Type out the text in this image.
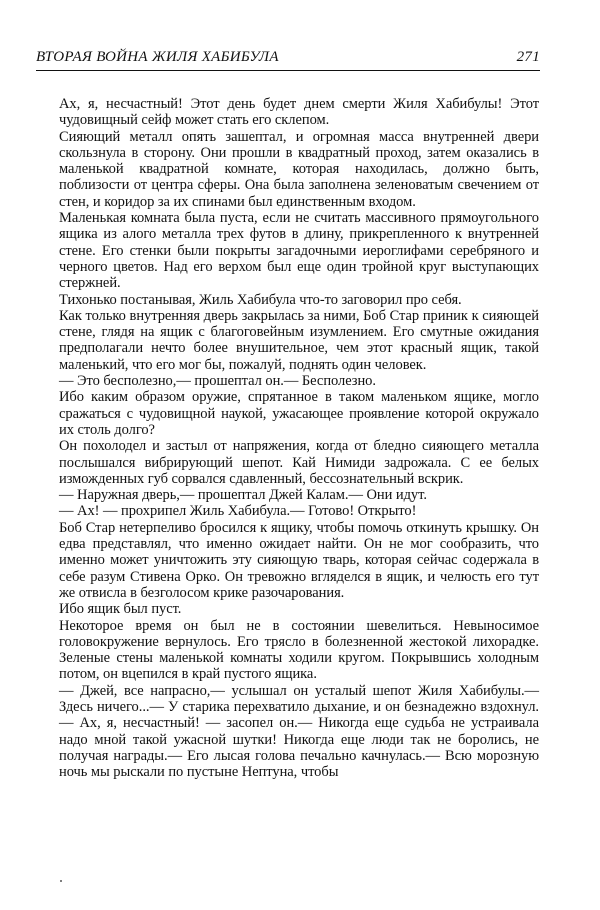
ВТОРАЯ ВОЙНА ЖИЛЯ ХАБИБУЛА	271

Ах, я, несчастный! Этот день будет днем смерти Жиля Хабибулы! Этот чудовищный сейф может стать его склепом.

Сияющий металл опять зашептал, и огромная масса внутренней двери скользнула в сторону. Они прошли в квадратный проход, затем оказались в маленькой квадратной комнате, которая находилась, должно быть, поблизости от центра сферы. Она была заполнена зеленоватым свечением от стен, и коридор за их спинами был единственным входом.

Маленькая комната была пуста, если не считать массивного прямоугольного ящика из алого металла трех футов в длину, прикрепленного к внутренней стене. Его стенки были покрыты загадочными иероглифами серебряного и черного цветов. Над его верхом был еще один тройной круг выступающих стержней.

Тихонько постанывая, Жиль Хабибула что-то заговорил про себя.

Как только внутренняя дверь закрылась за ними, Боб Стар приник к сияющей стене, глядя на ящик с благоговейным изумлением. Его смутные ожидания предполагали нечто более внушительное, чем этот красный ящик, такой маленький, что его мог бы, пожалуй, поднять один человек.

— Это бесполезно,— прошептал он.— Бесполезно.

Ибо каким образом оружие, спрятанное в таком маленьком ящике, могло сражаться с чудовищной наукой, ужасающее проявление которой окружало их столь долго?

Он похолодел и застыл от напряжения, когда от бледно сияющего металла послышался вибрирующий шепот. Кай Нимиди задрожала. С ее белых изможденных губ сорвался сдавленный, бессознательный вскрик.

— Наружная дверь,— прошептал Джей Калам.— Они идут.

— Ах! — прохрипел Жиль Хабибула.— Готово! Открыто!

Боб Стар нетерпеливо бросился к ящику, чтобы помочь откинуть крышку. Он едва представлял, что именно ожидает найти. Он не мог сообразить, что именно может уничтожить эту сияющую тварь, которая сейчас содержала в себе разум Стивена Орко. Он тревожно вгляделся в ящик, и челюсть его тут же отвисла в безголосом крике разочарования.

Ибо ящик был пуст.

Некоторое время он был не в состоянии шевелиться. Невыносимое головокружение вернулось. Его трясло в болезненной жестокой лихорадке. Зеленые стены маленькой комнаты ходили кругом. Покрывшись холодным потом, он вцепился в край пустого ящика.

— Джей, все напрасно,— услышал он усталый шепот Жиля Хабибулы.— Здесь ничего...— У старика перехватило дыхание, и он безнадежно вздохнул.— Ах, я, несчастный! — засопел он.— Никогда еще судьба не устраивала надо мной такой ужасной шутки! Никогда еще люди так не боролись, не получая награды.— Его лысая голова печально качнулась.— Всю морозную ночь мы рыскали по пустыне Нептуна, чтобы
